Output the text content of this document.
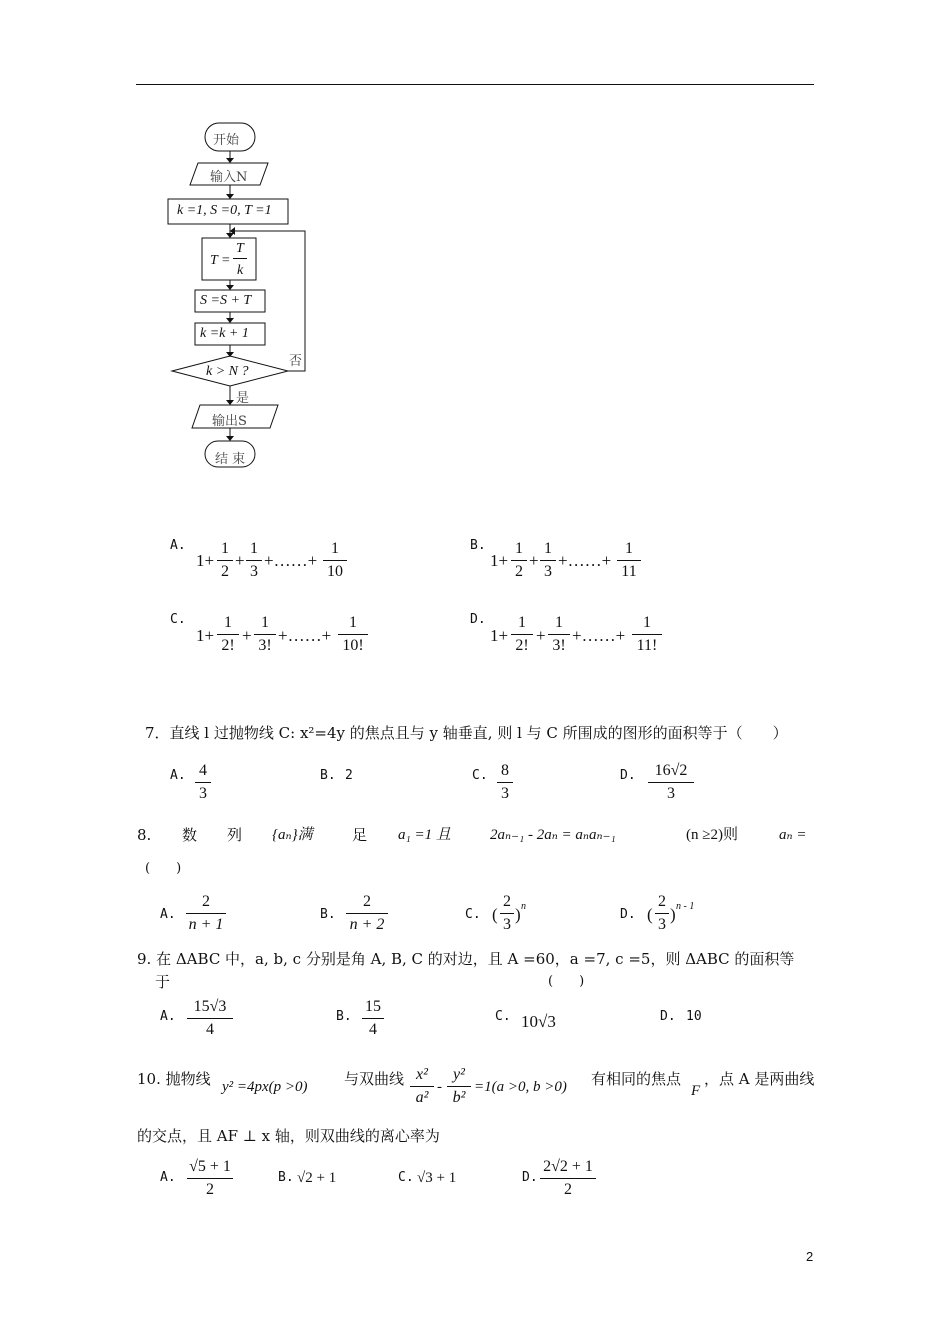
开始
输入N
k =1, S =0, T =1
T =
T
k
S =S + T
k =k + 1
k > N ?
否
是
输出S
结 束
A.
1+
1
2
+
1
3
+……+
1
10
B.
1+
1
2
+
1
3
+……+
1
11
C.
1+
1
2!
+
1
3!
+……+
1
10!
D.
1+
1
2!
+
1
3!
+……+
1
11!
7．直线 l 过抛物线 C: x²=4y 的焦点且与 y 轴垂直, 则 l 与 C 所围成的图形的面积等于（　　）
A. 4
3
B. 2	C. 8
3
D.	16√2
3
8. 数 列 {aₙ}满	足 a₁ =1 且	2aₙ₋₁ - 2aₙ = aₙaₙ₋₁	(n ≥2)则	aₙ =
(　　)
A.
2
n + 1
B.
2
n + 2
C. (
2
3
) n
D. (
2
3
) n - 1
9. 在 ΔABC 中，a, b, c 分别是角 A, B, C 的对边，且 A =60，a =7, c =5，则 ΔABC 的面积等
于	(　　)
A.
15√3
4
B.
15
4
C. 10√3	D. 10
10. 抛物线 y² =4px(p >0) 与双曲线 x²
a²
-
y²
b²
=1(a >0, b >0) 有相同的焦点
F
，点 A 是两曲线
的交点，且 AF ⊥ x 轴，则双曲线的离心率为
A.
√5 + 1
2
B. √2 + 1	C. √3 + 1	D.
2√2 + 1
2
2
